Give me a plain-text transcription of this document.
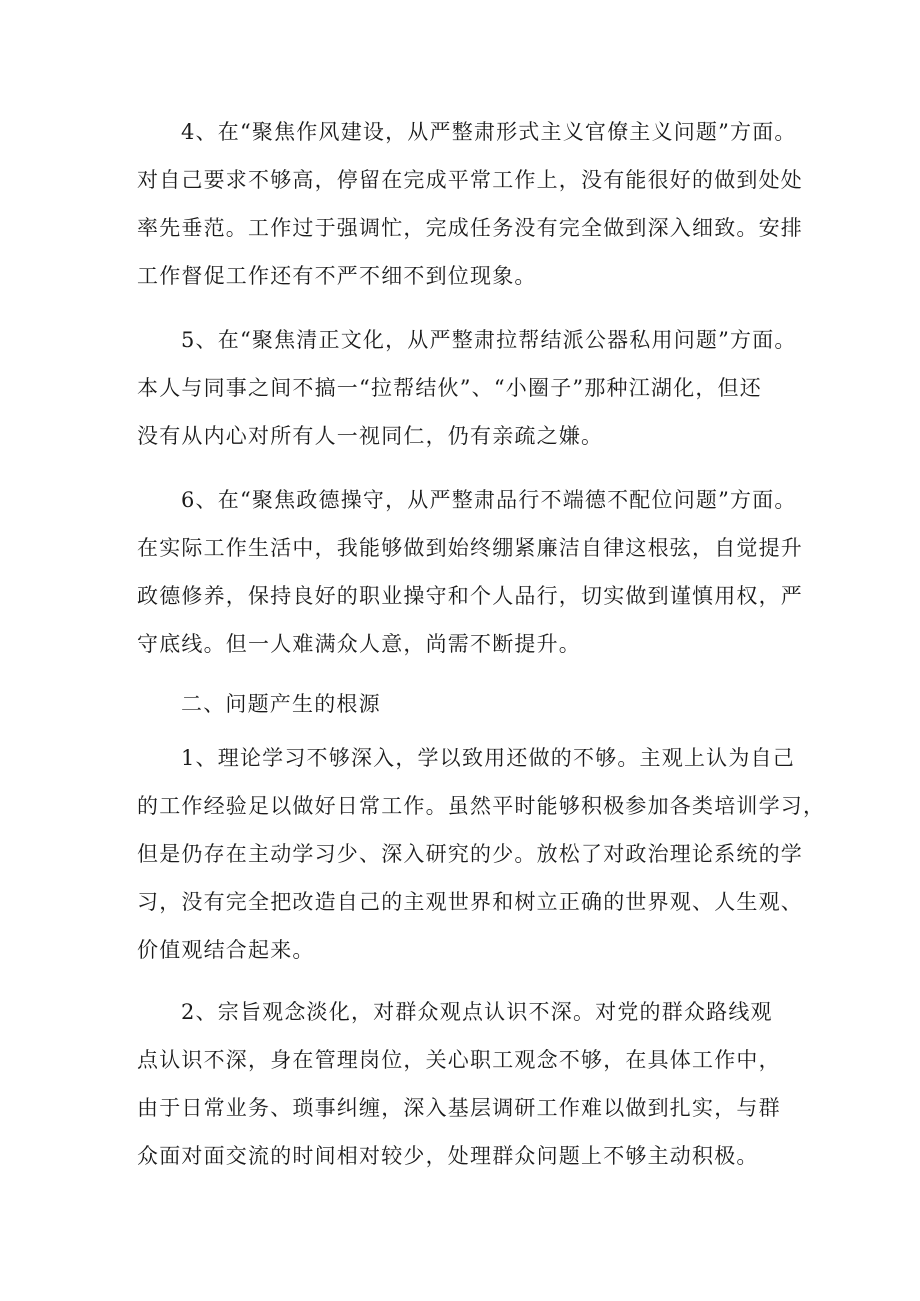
4、在“聚焦作风建设，从严整肃形式主义官僚主义问题”方面。
对自己要求不够高，停留在完成平常工作上，没有能很好的做到处处
率先垂范。工作过于强调忙，完成任务没有完全做到深入细致。安排
工作督促工作还有不严不细不到位现象。
5、在“聚焦清正文化，从严整肃拉帮结派公器私用问题”方面。
本人与同事之间不搞一“拉帮结伙”、“小圈子”那种江湖化，但还
没有从内心对所有人一视同仁，仍有亲疏之嫌。
6、在“聚焦政德操守，从严整肃品行不端德不配位问题”方面。
在实际工作生活中，我能够做到始终绷紧廉洁自律这根弦，自觉提升
政德修养，保持良好的职业操守和个人品行，切实做到谨慎用权，严
守底线。但一人难满众人意，尚需不断提升。
二、问题产生的根源
1、理论学习不够深入，学以致用还做的不够。主观上认为自己
的工作经验足以做好日常工作。虽然平时能够积极参加各类培训学习，
但是仍存在主动学习少、深入研究的少。放松了对政治理论系统的学
习，没有完全把改造自己的主观世界和树立正确的世界观、人生观、
价值观结合起来。
2、宗旨观念淡化，对群众观点认识不深。对党的群众路线观
点认识不深，身在管理岗位，关心职工观念不够，在具体工作中，
由于日常业务、琐事纠缠，深入基层调研工作难以做到扎实，与群
众面对面交流的时间相对较少，处理群众问题上不够主动积极。
